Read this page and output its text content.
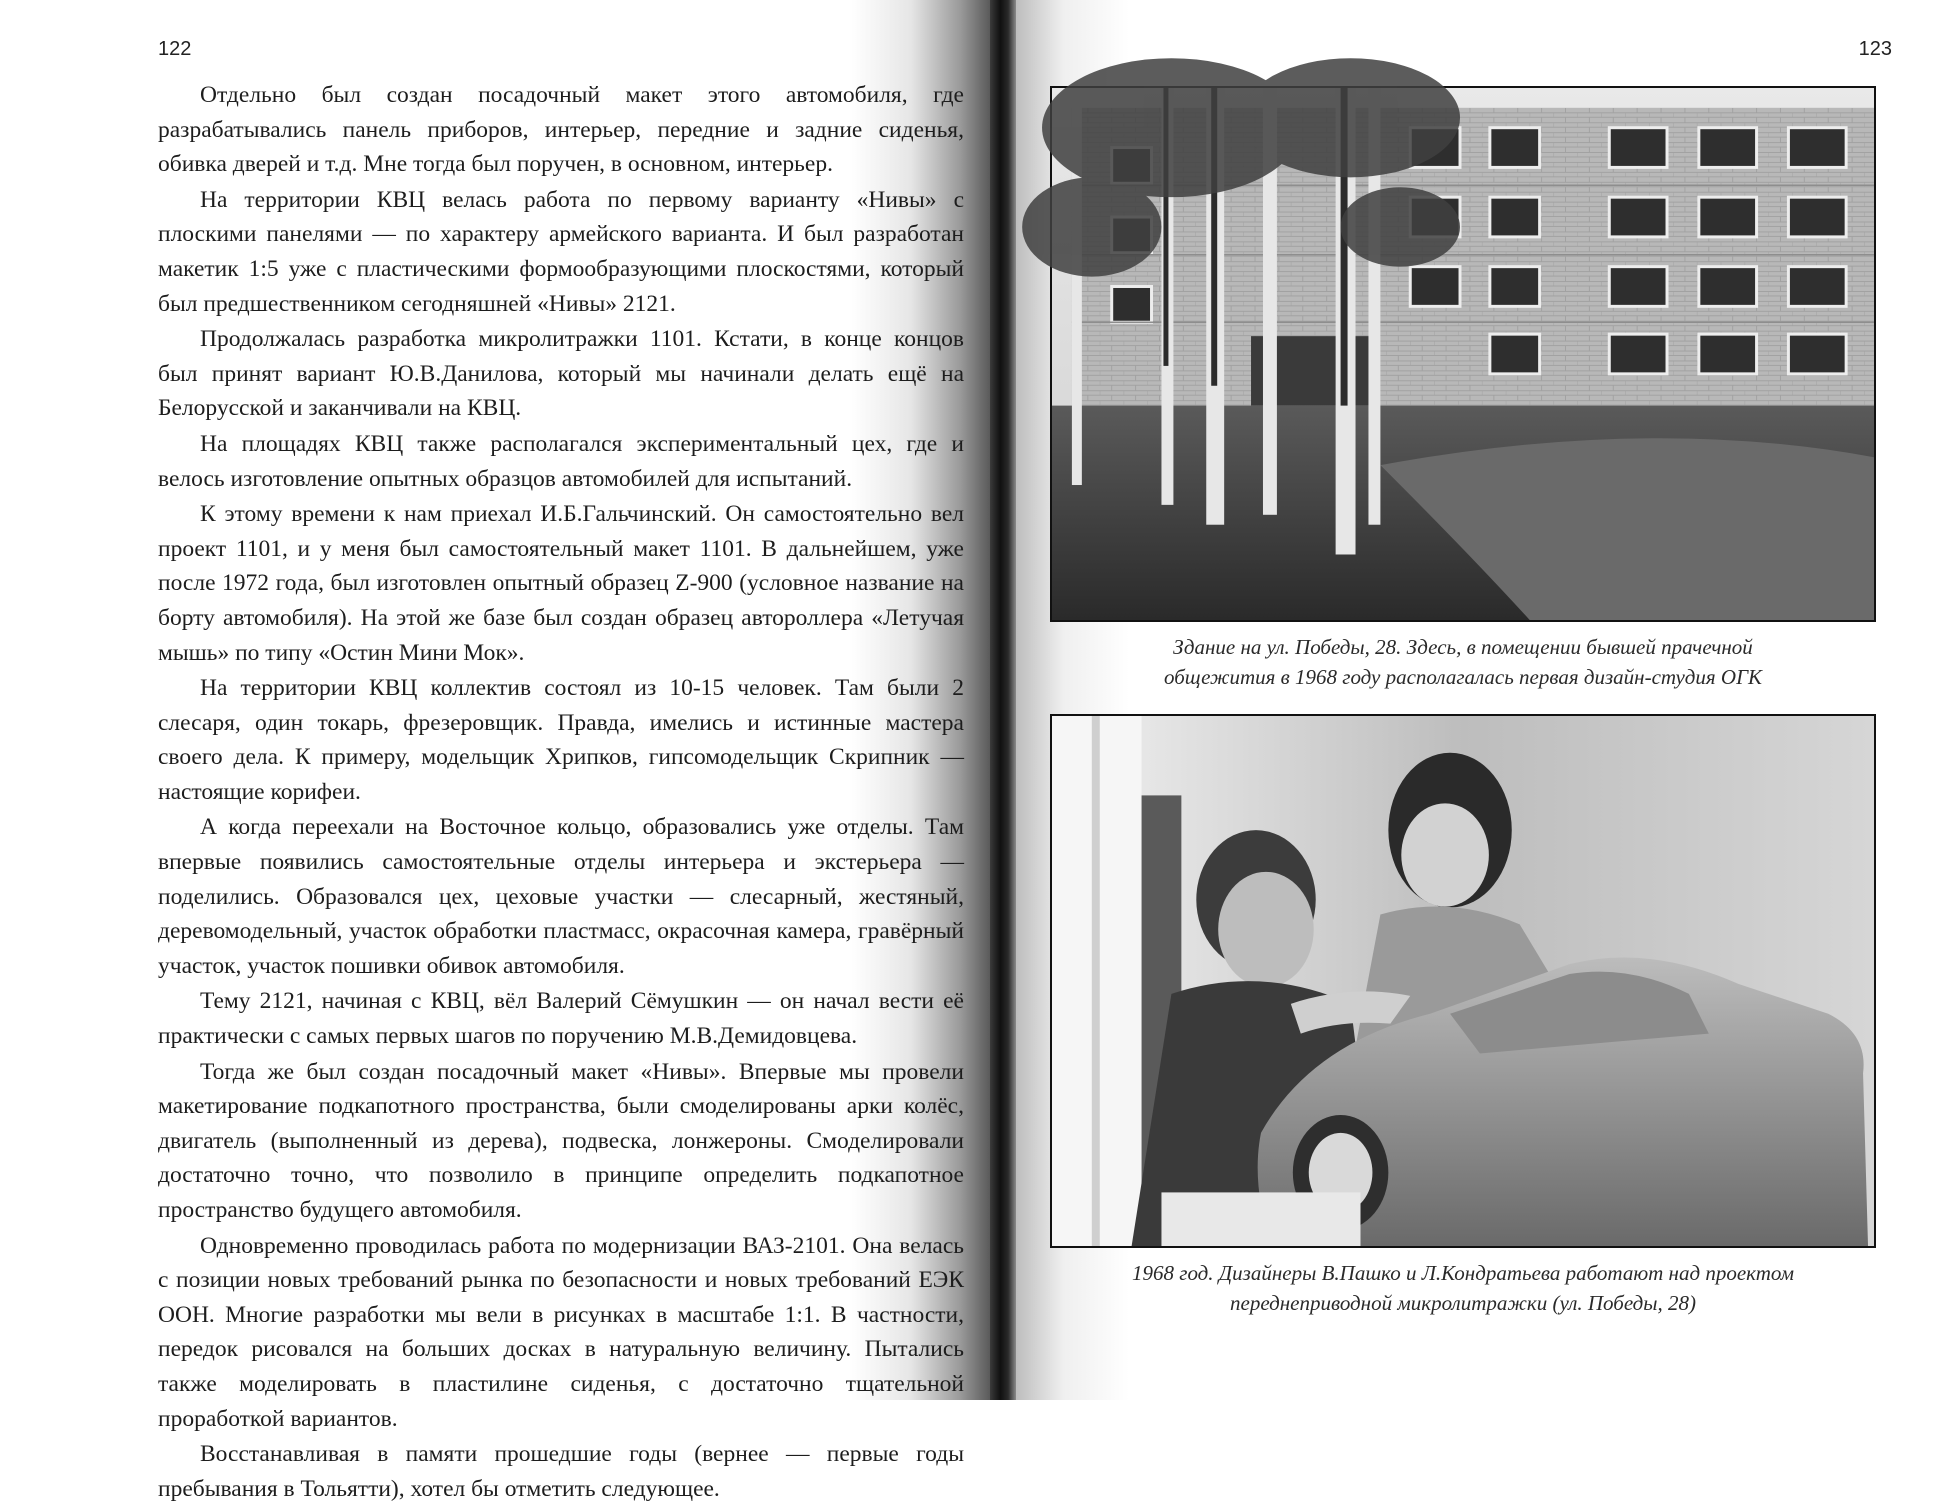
122

Отдельно был создан посадочный макет этого автомобиля, где разрабатывались панель приборов, интерьер, передние и задние сиденья, обивка дверей и т.д. Мне тогда был поручен, в основном, интерьер.

На территории КВЦ велась работа по первому варианту «Нивы» с плоскими панелями — по характеру армейского варианта. И был разработан макетик 1:5 уже с пластическими формообразующими плоскостями, который был предшественником сегодняшней «Нивы» 2121.

Продолжалась разработка микролитражки 1101. Кстати, в конце концов был принят вариант Ю.В.Данилова, который мы начинали делать ещё на Белорусской и заканчивали на КВЦ.

На площадях КВЦ также располагался экспериментальный цех, где и велось изготовление опытных образцов автомобилей для испытаний.

К этому времени к нам приехал И.Б.Гальчинский. Он самостоятельно вел проект 1101, и у меня был самостоятельный макет 1101. В дальнейшем, уже после 1972 года, был изготовлен опытный образец Z-900 (условное название на борту автомобиля). На этой же базе был создан образец автороллера «Летучая мышь» по типу «Остин Мини Мок».

На территории КВЦ коллектив состоял из 10-15 человек. Там были 2 слесаря, один токарь, фрезеровщик. Правда, имелись и истинные мастера своего дела. К примеру, модельщик Хрипков, гипсомодельщик Скрипник — настоящие корифеи.

А когда переехали на Восточное кольцо, образовались уже отделы. Там впервые появились самостоятельные отделы интерьера и экстерьера — поделились. Образовался цех, цеховые участки — слесарный, жестяный, деревомодельный, участок обработки пластмасс, окрасочная камера, гравёрный участок, участок пошивки обивок автомобиля.

Тему 2121, начиная с КВЦ, вёл Валерий Сёмушкин — он начал вести её практически с самых первых шагов по поручению М.В.Демидовцева.

Тогда же был создан посадочный макет «Нивы». Впервые мы провели макетирование подкапотного пространства, были смоделированы арки колёс, двигатель (выполненный из дерева), подвеска, лонжероны. Смоделировали достаточно точно, что позволило в принципе определить подкапотное пространство будущего автомобиля.

Одновременно проводилась работа по модернизации ВАЗ-2101. Она велась с позиции новых требований рынка по безопасности и новых требований ЕЭК ООН. Многие разработки мы вели в рисунках в масштабе 1:1. В частности, передок рисовался на больших досках в натуральную величину. Пытались также моделировать в пластилине сиденья, с достаточно тщательной проработкой вариантов.

Восстанавливая в памяти прошедшие годы (вернее — первые годы пребывания в Тольятти), хотел бы отметить следующее.

123
Здание на ул. Победы, 28. Здесь, в помещении бывшей прачечной
общежития в 1968 году располагалась первая дизайн-студия ОГК
1968 год. Дизайнеры В.Пашко и Л.Кондратьева работают над проектом
переднеприводной микролитражки (ул. Победы, 28)
